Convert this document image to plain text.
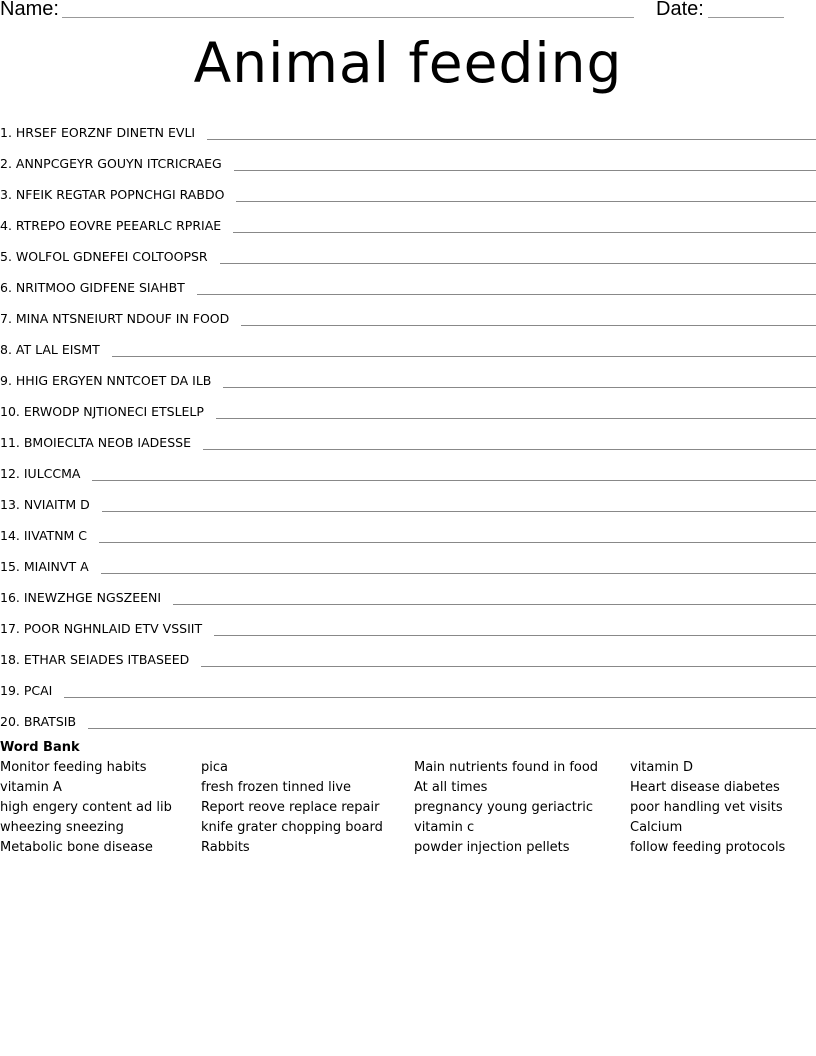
Name:	Date:
Animal feeding
1. HRSEF EORZNF DINETN EVLI
2. ANNPCGEYR GOUYN ITCRICRAEG
3. NFEIK REGTAR POPNCHGI RABDO
4. RTREPO EOVRE PEEARLC RPRIAE
5. WOLFOL GDNEFEI COLTOOPSR
6. NRITMOO GIDFENE SIAHBT
7. MINA NTSNEIURT NDOUF IN FOOD
8. AT LAL EISMT
9. HHIG ERGYEN NNTCOET DA ILB
10. ERWODP NJTIONECI ETSLELP
11. BMOIECLTA NEOB IADESSE
12. IULCCMA
13. NVIAITM D
14. IIVATNM C
15. MIAINVT A
16. INEWZHGE NGSZEENI
17. POOR NGHNLAID ETV VSSIIT
18. ETHAR SEIADES ITBASEED
19. PCAI
20. BRATSIB
Word Bank
Monitor feeding habits
vitamin A
high engery content ad lib
wheezing sneezing
Metabolic bone disease
pica
fresh frozen tinned live
Report reove replace repair
knife grater chopping board
Rabbits
Main nutrients found in food
At all times
pregnancy young geriactric
vitamin c
powder injection pellets
vitamin D
Heart disease diabetes
poor handling vet visits
Calcium
follow feeding protocols
